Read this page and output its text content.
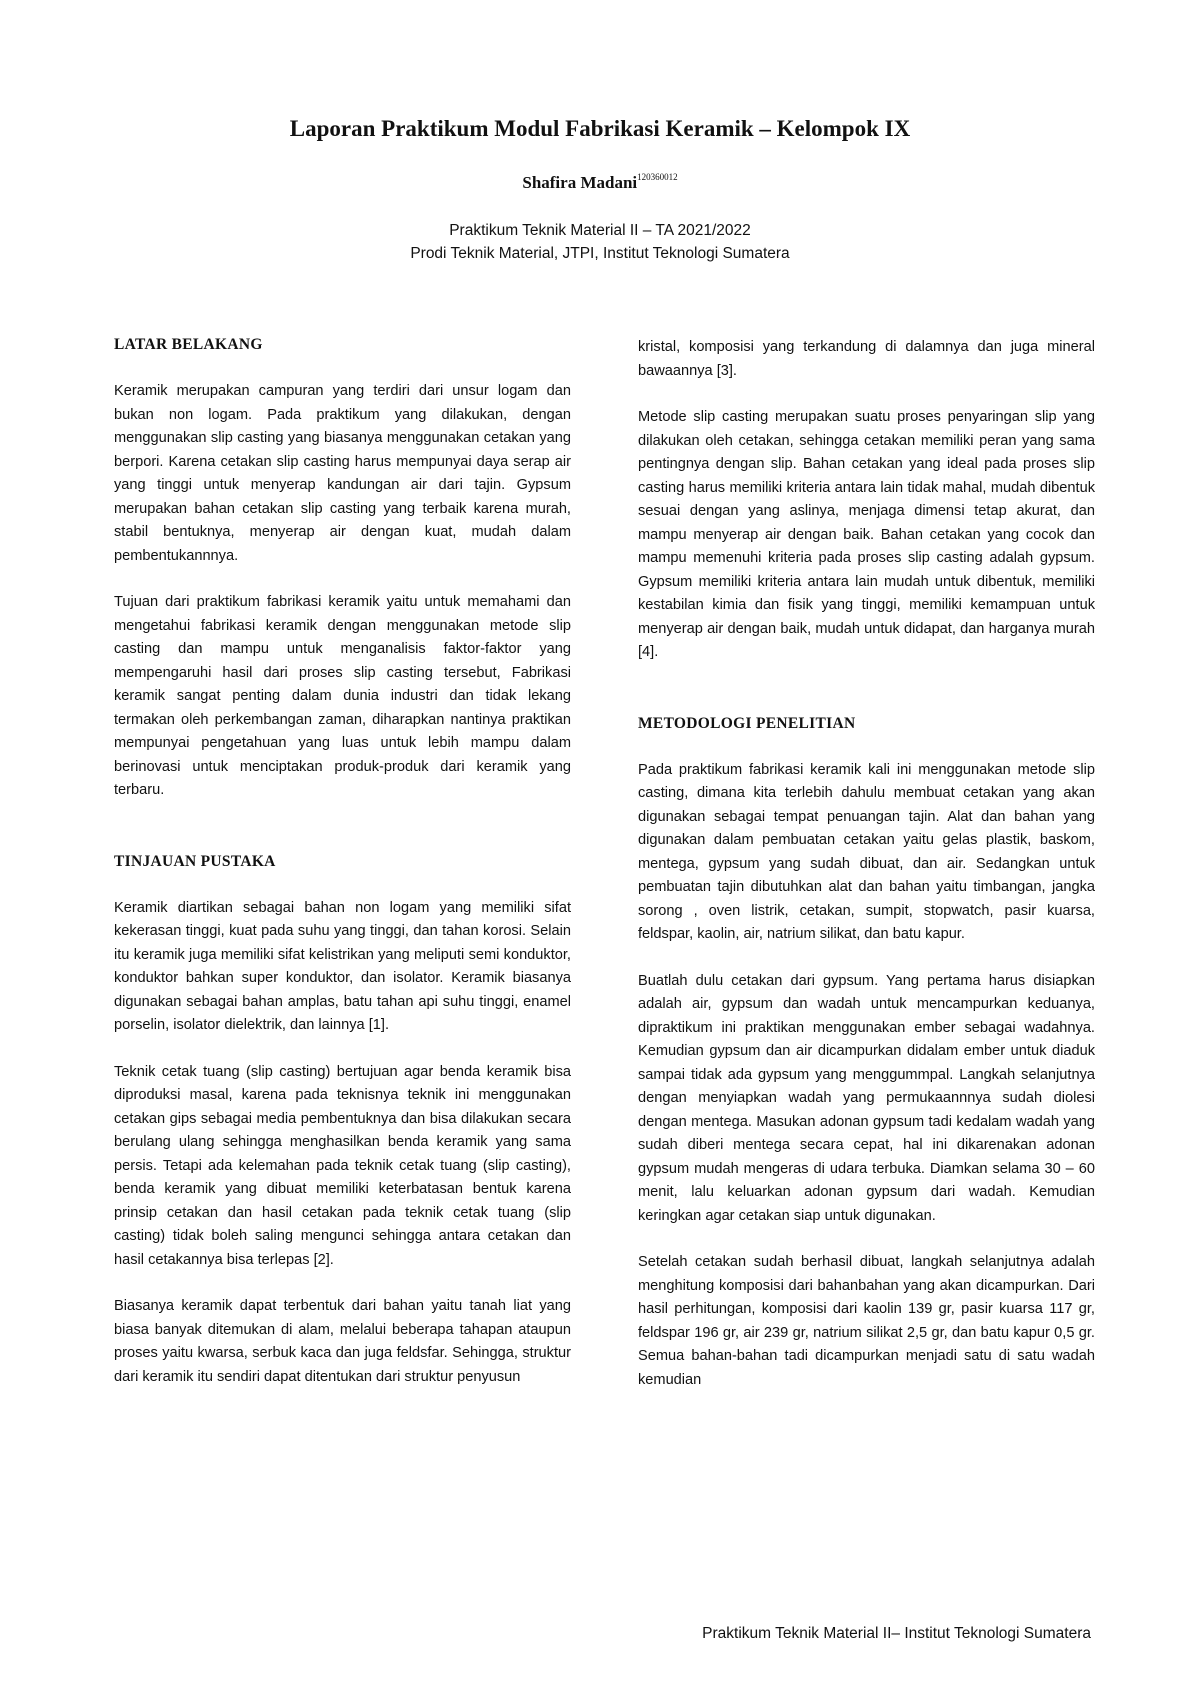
Laporan Praktikum Modul Fabrikasi Keramik – Kelompok IX
Shafira Madani$^{120360012}$
Praktikum Teknik Material II – TA 2021/2022
Prodi Teknik Material, JTPI, Institut Teknologi Sumatera
LATAR BELAKANG

Keramik merupakan campuran yang terdiri dari unsur logam dan bukan non logam. Pada praktikum yang dilakukan, dengan menggunakan slip casting yang biasanya menggunakan cetakan yang berpori. Karena cetakan slip casting harus mempunyai daya serap air yang tinggi untuk menyerap kandungan air dari tajin. Gypsum merupakan bahan cetakan slip casting yang terbaik karena murah, stabil bentuknya, menyerap air dengan kuat, mudah dalam pembentukannnya.

Tujuan dari praktikum fabrikasi keramik yaitu untuk memahami dan mengetahui fabrikasi keramik dengan menggunakan metode slip casting dan mampu untuk menganalisis faktor-faktor yang mempengaruhi hasil dari proses slip casting tersebut, Fabrikasi keramik sangat penting dalam dunia industri dan tidak lekang termakan oleh perkembangan zaman, diharapkan nantinya praktikan mempunyai pengetahuan yang luas untuk lebih mampu dalam berinovasi untuk menciptakan produk-produk dari keramik yang terbaru.

TINJAUAN PUSTAKA

Keramik diartikan sebagai bahan non logam yang memiliki sifat kekerasan tinggi, kuat pada suhu yang tinggi, dan tahan korosi. Selain itu keramik juga memiliki sifat kelistrikan yang meliputi semi konduktor, konduktor bahkan super konduktor, dan isolator. Keramik biasanya digunakan sebagai bahan amplas, batu tahan api suhu tinggi, enamel porselin, isolator dielektrik, dan lainnya [1].

Teknik cetak tuang (slip casting) bertujuan agar benda keramik bisa diproduksi masal, karena pada teknisnya teknik ini menggunakan cetakan gips sebagai media pembentuknya dan bisa dilakukan secara berulang ulang sehingga menghasilkan benda keramik yang sama persis. Tetapi ada kelemahan pada teknik cetak tuang (slip casting), benda keramik yang dibuat memiliki keterbatasan bentuk karena prinsip cetakan dan hasil cetakan pada teknik cetak tuang (slip casting) tidak boleh saling mengunci sehingga antara cetakan dan hasil cetakannya bisa terlepas [2].

Biasanya keramik dapat terbentuk dari bahan yaitu tanah liat yang biasa banyak ditemukan di alam, melalui beberapa tahapan ataupun proses yaitu kwarsa, serbuk kaca dan juga feldsfar. Sehingga, struktur dari keramik itu sendiri dapat ditentukan dari struktur penyusun

kristal, komposisi yang terkandung di dalamnya dan juga mineral bawaannya [3].

Metode slip casting merupakan suatu proses penyaringan slip yang dilakukan oleh cetakan, sehingga cetakan memiliki peran yang sama pentingnya dengan slip. Bahan cetakan yang ideal pada proses slip casting harus memiliki kriteria antara lain tidak mahal, mudah dibentuk sesuai dengan yang aslinya, menjaga dimensi tetap akurat, dan mampu menyerap air dengan baik. Bahan cetakan yang cocok dan mampu memenuhi kriteria pada proses slip casting adalah gypsum. Gypsum memiliki kriteria antara lain mudah untuk dibentuk, memiliki kestabilan kimia dan fisik yang tinggi, memiliki kemampuan untuk menyerap air dengan baik, mudah untuk didapat, dan harganya murah [4].

METODOLOGI PENELITIAN

Pada praktikum fabrikasi keramik kali ini menggunakan metode slip casting, dimana kita terlebih dahulu membuat cetakan yang akan digunakan sebagai tempat penuangan tajin. Alat dan bahan yang digunakan dalam pembuatan cetakan yaitu gelas plastik, baskom, mentega, gypsum yang sudah dibuat, dan air. Sedangkan untuk pembuatan tajin dibutuhkan alat dan bahan yaitu timbangan, jangka sorong , oven listrik, cetakan, sumpit, stopwatch, pasir kuarsa, feldspar, kaolin, air, natrium silikat, dan batu kapur.

Buatlah dulu cetakan dari gypsum. Yang pertama harus disiapkan adalah air, gypsum dan wadah untuk mencampurkan keduanya, dipraktikum ini praktikan menggunakan ember sebagai wadahnya. Kemudian gypsum dan air dicampurkan didalam ember untuk diaduk sampai tidak ada gypsum yang menggummpal. Langkah selanjutnya dengan menyiapkan wadah yang permukaannnya sudah diolesi dengan mentega. Masukan adonan gypsum tadi kedalam wadah yang sudah diberi mentega secara cepat, hal ini dikarenakan adonan gypsum mudah mengeras di udara terbuka. Diamkan selama 30 – 60 menit, lalu keluarkan adonan gypsum dari wadah. Kemudian keringkan agar cetakan siap untuk digunakan.

Setelah cetakan sudah berhasil dibuat, langkah selanjutnya adalah menghitung komposisi dari bahanbahan yang akan dicampurkan. Dari hasil perhitungan, komposisi dari kaolin 139 gr, pasir kuarsa 117 gr, feldspar 196 gr, air 239 gr, natrium silikat 2,5 gr, dan batu kapur 0,5 gr. Semua bahan-bahan tadi dicampurkan menjadi satu di satu wadah kemudian

Praktikum Teknik Material II– Institut Teknologi Sumatera
